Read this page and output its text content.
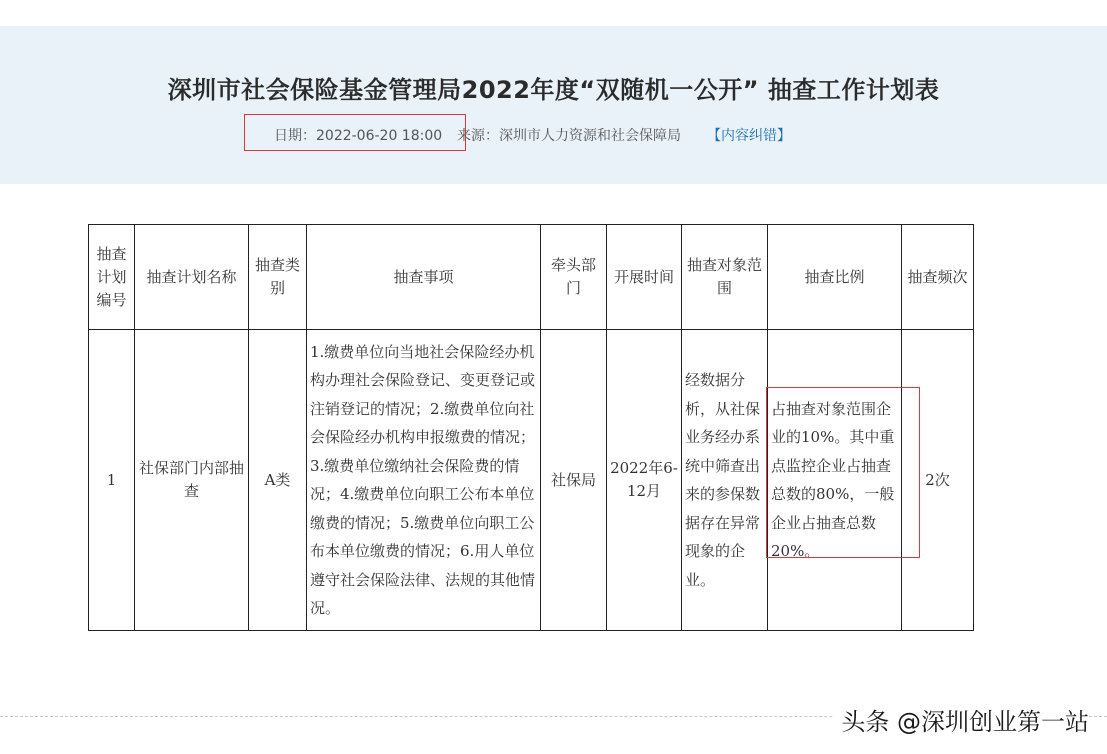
深圳市社会保险基金管理局2022年度“双随机一公开” 抽查工作计划表
日期：2022-06-20 18:00 来源：深圳市人力资源和社会保障局 【内容纠错】
抽查计划编号	抽查计划名称	抽查类别	抽查事项	牵头部门	开展时间	抽查对象范围	抽查比例	抽查频次
1	社保部门内部抽查	A类	1.缴费单位向当地社会保险经办机构办理社会保险登记、变更登记或注销登记的情况；2.缴费单位向社会保险经办机构申报缴费的情况；3.缴费单位缴纳社会保险费的情况；4.缴费单位向职工公布本单位缴费的情况；5.缴费单位向职工公布本单位缴费的情况；6.用人单位遵守社会保险法律、法规的其他情况。	社保局	2022年6-12月	经数据分析，从社保业务经办系统中筛查出来的参保数据存在异常现象的企业。	占抽查对象范围企业的10%。其中重点监控企业占抽查总数的80%，一般企业占抽查总数20%。	2次
头条 @深圳创业第一站
